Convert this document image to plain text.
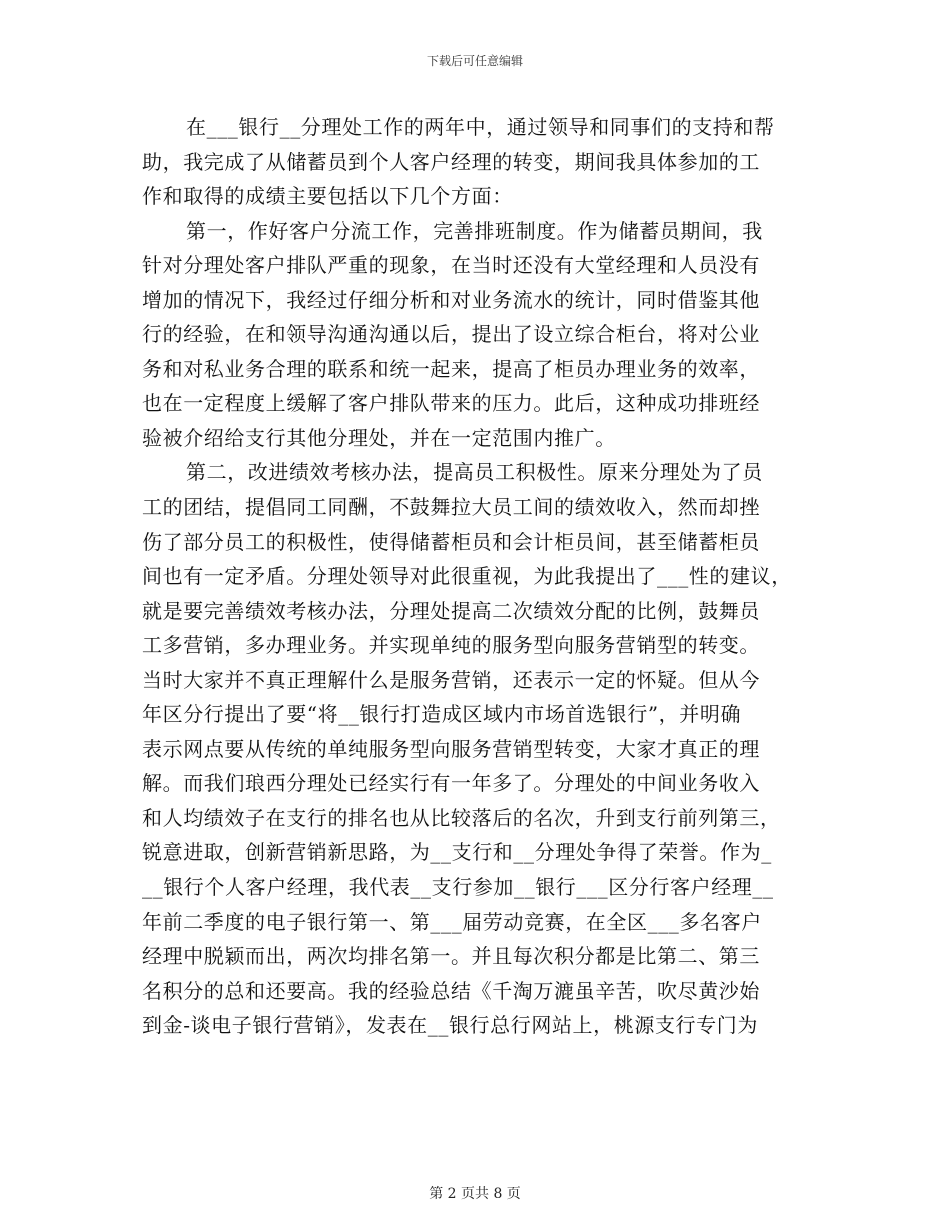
下载后可任意编辑
在___银行__分理处工作的两年中，通过领导和同事们的支持和帮
助，我完成了从储蓄员到个人客户经理的转变，期间我具体参加的工
作和取得的成绩主要包括以下几个方面：
第一，作好客户分流工作，完善排班制度。作为储蓄员期间，我
针对分理处客户排队严重的现象，在当时还没有大堂经理和人员没有
增加的情况下，我经过仔细分析和对业务流水的统计，同时借鉴其他
行的经验，在和领导沟通沟通以后，提出了设立综合柜台，将对公业
务和对私业务合理的联系和统一起来，提高了柜员办理业务的效率，
也在一定程度上缓解了客户排队带来的压力。此后，这种成功排班经
验被介绍给支行其他分理处，并在一定范围内推广。
第二，改进绩效考核办法，提高员工积极性。原来分理处为了员
工的团结，提倡同工同酬，不鼓舞拉大员工间的绩效收入，然而却挫
伤了部分员工的积极性，使得储蓄柜员和会计柜员间，甚至储蓄柜员
间也有一定矛盾。分理处领导对此很重视，为此我提出了___性的建议，
就是要完善绩效考核办法，分理处提高二次绩效分配的比例，鼓舞员
工多营销，多办理业务。并实现单纯的服务型向服务营销型的转变。
当时大家并不真正理解什么是服务营销，还表示一定的怀疑。但从今
年区分行提出了要“将__银行打造成区域内市场首选银行”，并明确
表示网点要从传统的单纯服务型向服务营销型转变，大家才真正的理
解。而我们琅西分理处已经实行有一年多了。分理处的中间业务收入
和人均绩效子在支行的排名也从比较落后的名次，升到支行前列第三，
锐意进取，创新营销新思路，为__支行和__分理处争得了荣誉。作为_
__银行个人客户经理，我代表__支行参加__银行___区分行客户经理__
年前二季度的电子银行第一、第___届劳动竞赛，在全区___多名客户
经理中脱颖而出，两次均排名第一。并且每次积分都是比第二、第三
名积分的总和还要高。我的经验总结《千淘万漉虽辛苦，吹尽黄沙始
到金-谈电子银行营销》，发表在__银行总行网站上，桃源支行专门为
第 2 页共 8 页
